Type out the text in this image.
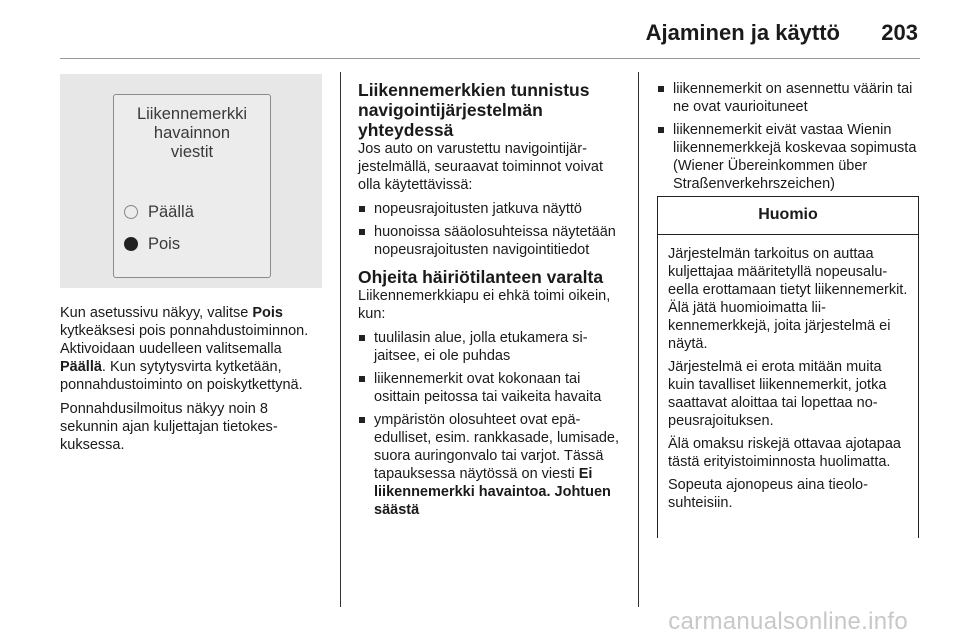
Ajaminen ja käyttö 203
Liikennemerkki
havainnon
viestit
Päällä
Pois

Kun asetussivu näkyy, valitse Pois kytkeäksesi pois ponnahdustoiminnon. Aktivoidaan uudelleen valitsemalla Päällä. Kun sytytysvirta kytketään, ponnahdustoiminto on poiskytkettynä.

Ponnahdusilmoitus näkyy noin 8 sekunnin ajan kuljettajan tietokeskuksessa.

Liikennemerkkien tunnistus navigointijärjestelmän yhteydessä

Jos auto on varustettu navigointijärjestelmällä, seuraavat toiminnot voivat olla käytettävissä:

nopeusrajoitusten jatkuva näyttö
huonoissa sääolosuhteissa näytetään nopeusrajoitusten navigointitiedot
Ohjeita häiriötilanteen varalta

Liikennemerkkiapu ei ehkä toimi oikein, kun:

tuulilasin alue, jolla etukamera sijaitsee, ei ole puhdas
liikennemerkit ovat kokonaan tai osittain peitossa tai vaikeita havaita
ympäristön olosuhteet ovat epäedulliset, esim. rankkasade, lumisade, suora auringonvalo tai varjot. Tässä tapauksessa näytössä on viesti Ei liikennemerkki havaintoa. Johtuen säästä
liikennemerkit on asennettu väärin tai ne ovat vaurioituneet
liikennemerkit eivät vastaa Wienin liikennemerkkejä koskevaa sopimusta (Wiener Übereinkommen über Straßenverkehrszeichen)
Huomio

Järjestelmän tarkoitus on auttaa kuljettajaa määritetyllä nopeusalueella erottamaan tietyt liikennemerkit. Älä jätä huomioimatta liikennemerkkejä, joita järjestelmä ei näytä.

Järjestelmä ei erota mitään muita kuin tavalliset liikennemerkit, jotka saattavat aloittaa tai lopettaa nopeusrajoituksen.

Älä omaksu riskejä ottavaa ajotapaa tästä erityistoiminnosta huolimatta.

Sopeuta ajonopeus aina tieolosuhteisiin.

carmanualsonline.info
